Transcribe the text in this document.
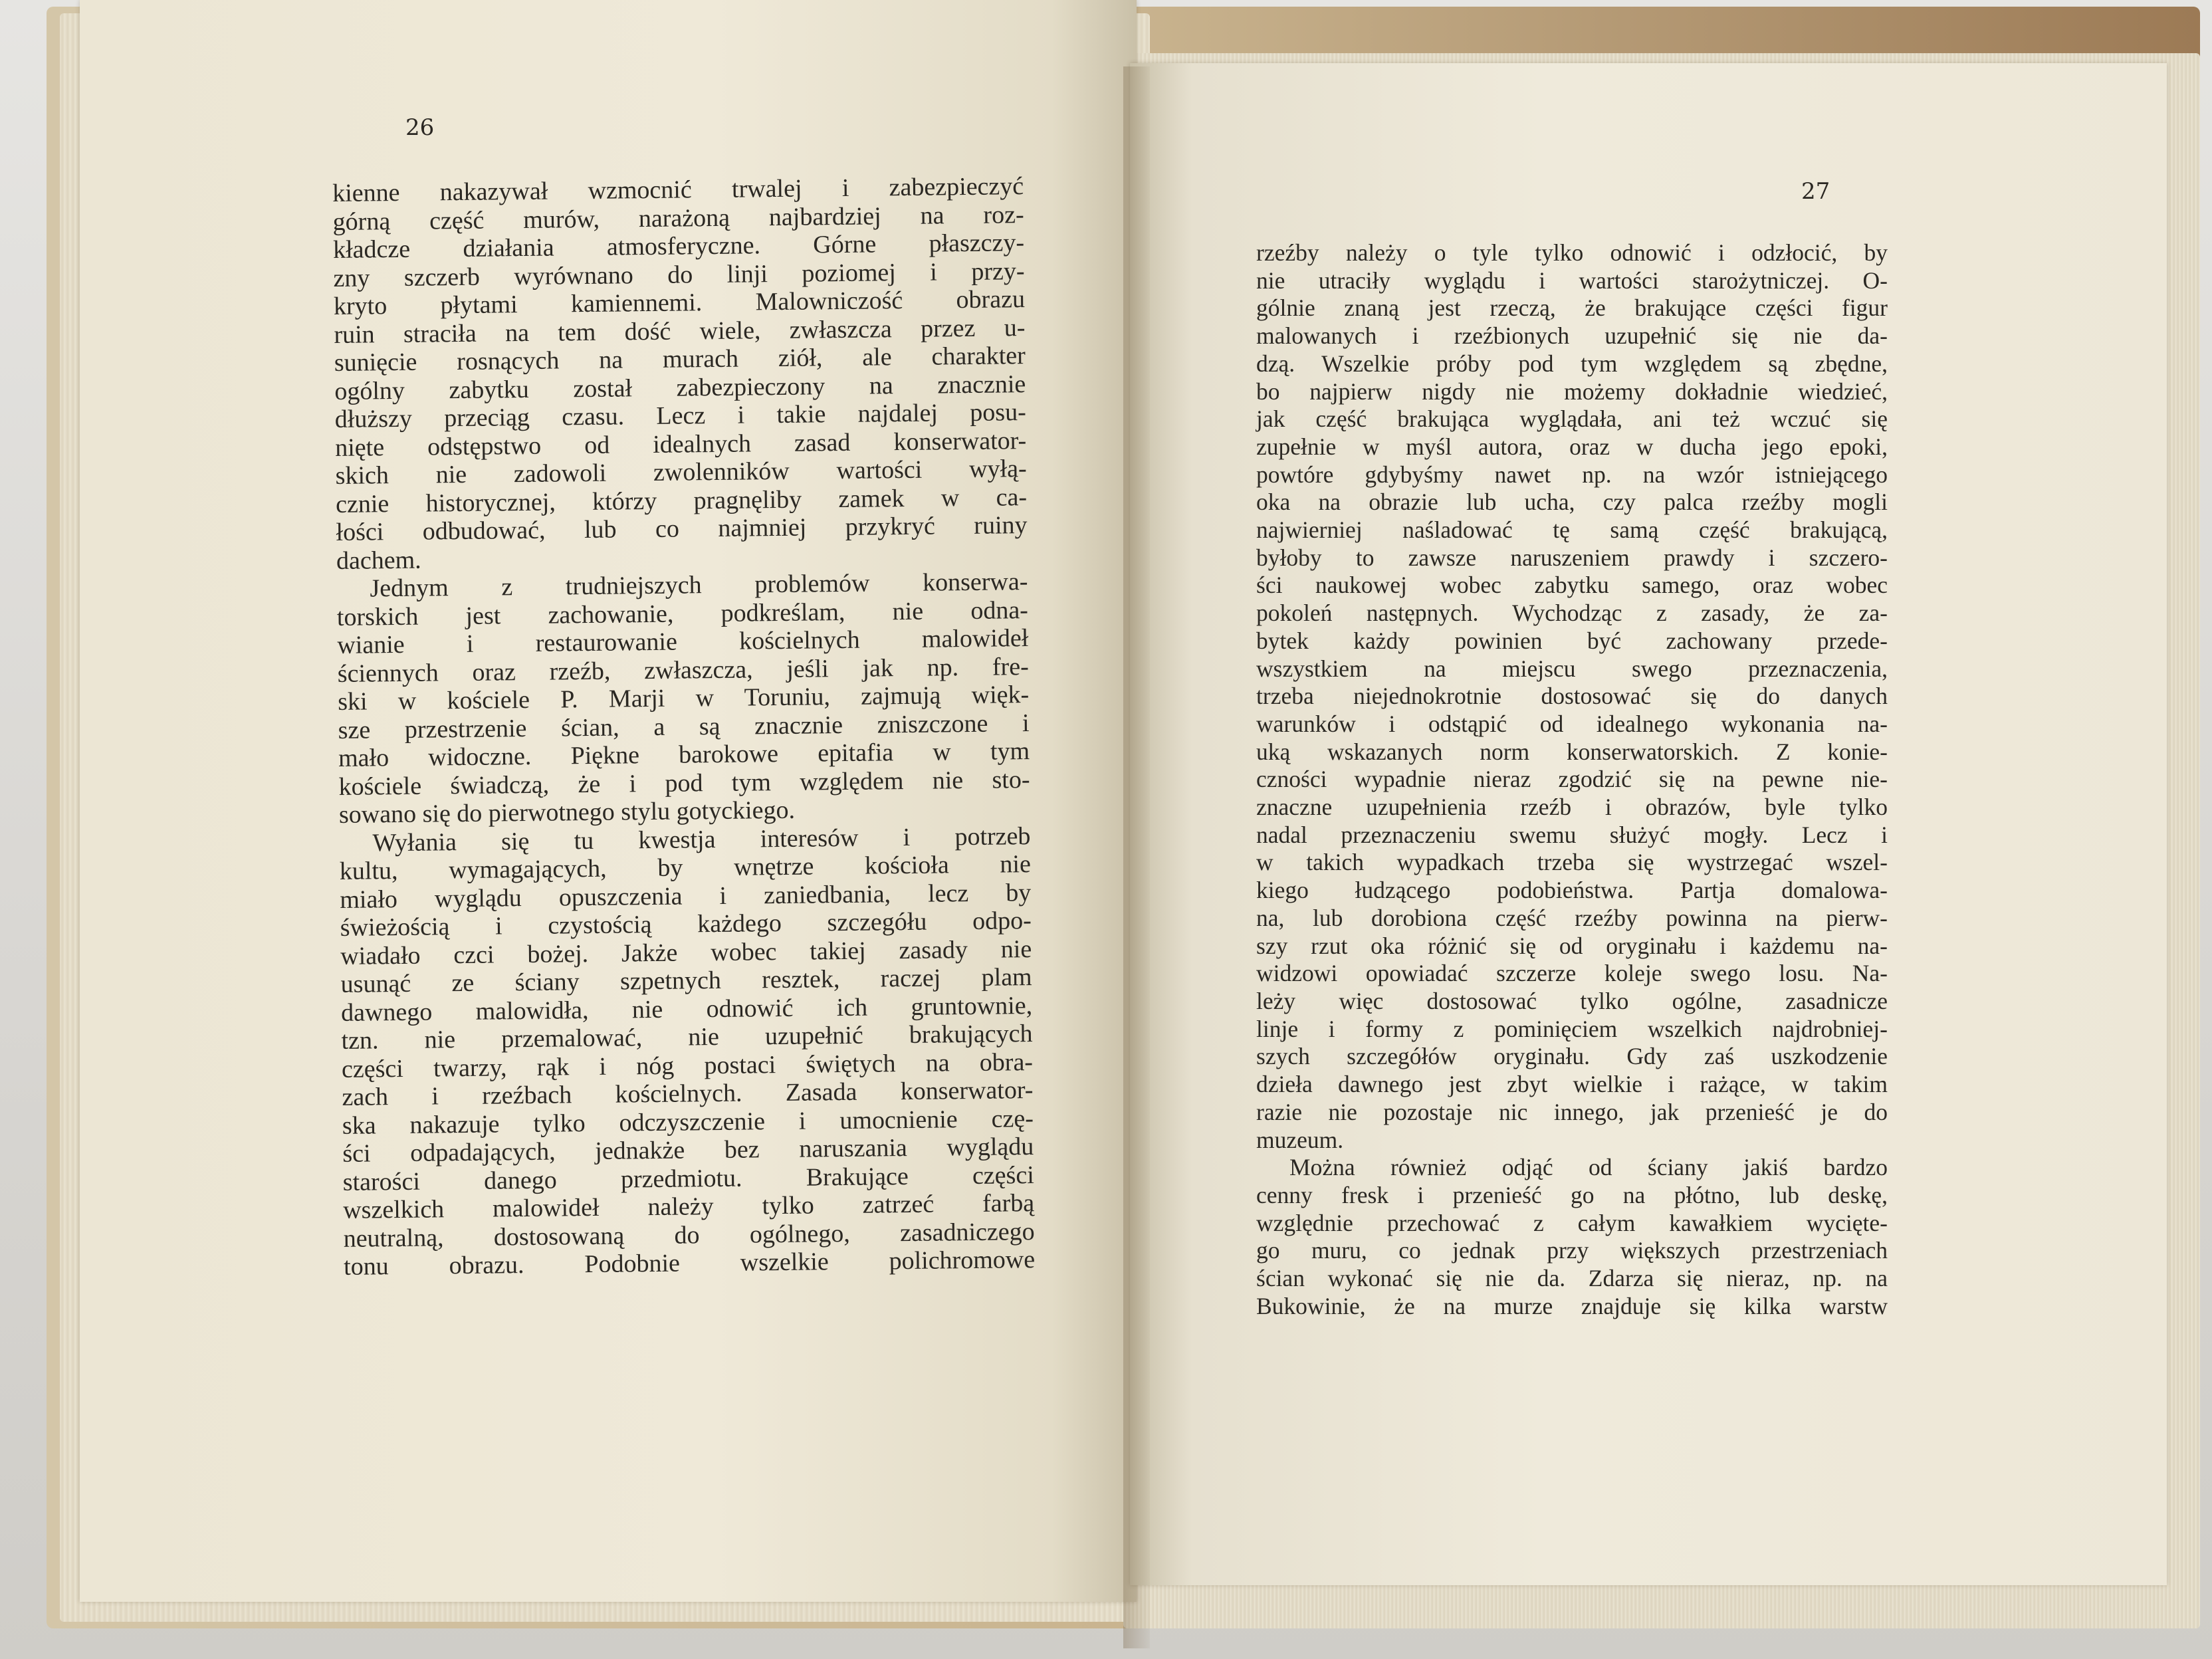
26
27
kienne nakazywał wzmocnić trwalej i zabezpieczyć
górną część murów, narażoną najbardziej na roz-
kładcze działania atmosferyczne. Górne płaszczy-
zny szczerb wyrównano do linji poziomej i przy-
kryto płytami kamiennemi. Malowniczość obrazu
ruin straciła na tem dość wiele, zwłaszcza przez u-
sunięcie rosnących na murach ziół, ale charakter
ogólny zabytku został zabezpieczony na znacznie
dłuższy przeciąg czasu. Lecz i takie najdalej posu-
nięte odstępstwo od idealnych zasad konserwator-
skich nie zadowoli zwolenników wartości wyłą-
cznie historycznej, którzy pragnęliby zamek w ca-
łości odbudować, lub co najmniej przykryć ruiny
dachem.
Jednym z trudniejszych problemów konserwa-
torskich jest zachowanie, podkreślam, nie odna-
wianie i restaurowanie kościelnych malowideł
ściennych oraz rzeźb, zwłaszcza, jeśli jak np. fre-
ski w kościele P. Marji w Toruniu, zajmują więk-
sze przestrzenie ścian, a są znacznie zniszczone i
mało widoczne. Piękne barokowe epitafia w tym
kościele świadczą, że i pod tym względem nie sto-
sowano się do pierwotnego stylu gotyckiego.
Wyłania się tu kwestja interesów i potrzeb
kultu, wymagających, by wnętrze kościoła nie
miało wyglądu opuszczenia i zaniedbania, lecz by
świeżością i czystością każdego szczegółu odpo-
wiadało czci bożej. Jakże wobec takiej zasady nie
usunąć ze ściany szpetnych resztek, raczej plam
dawnego malowidła, nie odnowić ich gruntownie,
tzn. nie przemalować, nie uzupełnić brakujących
części twarzy, rąk i nóg postaci świętych na obra-
zach i rzeźbach kościelnych. Zasada konserwator-
ska nakazuje tylko odczyszczenie i umocnienie czę-
ści odpadających, jednakże bez naruszania wyglądu
starości danego przedmiotu. Brakujące części
wszelkich malowideł należy tylko zatrzeć farbą
neutralną, dostosowaną do ogólnego, zasadniczego
tonu obrazu. Podobnie wszelkie polichromowe
rzeźby należy o tyle tylko odnowić i odzłocić, by
nie utraciły wyglądu i wartości starożytniczej. O-
gólnie znaną jest rzeczą, że brakujące części figur
malowanych i rzeźbionych uzupełnić się nie da-
dzą. Wszelkie próby pod tym względem są zbędne,
bo najpierw nigdy nie możemy dokładnie wiedzieć,
jak część brakująca wyglądała, ani też wczuć się
zupełnie w myśl autora, oraz w ducha jego epoki,
powtóre gdybyśmy nawet np. na wzór istniejącego
oka na obrazie lub ucha, czy palca rzeźby mogli
najwierniej naśladować tę samą część brakującą,
byłoby to zawsze naruszeniem prawdy i szczero-
ści naukowej wobec zabytku samego, oraz wobec
pokoleń następnych. Wychodząc z zasady, że za-
bytek każdy powinien być zachowany przede-
wszystkiem na miejscu swego przeznaczenia,
trzeba niejednokrotnie dostosować się do danych
warunków i odstąpić od idealnego wykonania na-
uką wskazanych norm konserwatorskich. Z konie-
czności wypadnie nieraz zgodzić się na pewne nie-
znaczne uzupełnienia rzeźb i obrazów, byle tylko
nadal przeznaczeniu swemu służyć mogły. Lecz i
w takich wypadkach trzeba się wystrzegać wszel-
kiego łudzącego podobieństwa. Partja domalowa-
na, lub dorobiona część rzeźby powinna na pierw-
szy rzut oka różnić się od oryginału i każdemu na-
widzowi opowiadać szczerze koleje swego losu. Na-
leży więc dostosować tylko ogólne, zasadnicze
linje i formy z pominięciem wszelkich najdrobniej-
szych szczegółów oryginału. Gdy zaś uszkodzenie
dzieła dawnego jest zbyt wielkie i rażące, w takim
razie nie pozostaje nic innego, jak przenieść je do
muzeum.
Można również odjąć od ściany jakiś bardzo
cenny fresk i przenieść go na płótno, lub deskę,
względnie przechować z całym kawałkiem wycięte-
go muru, co jednak przy większych przestrzeniach
ścian wykonać się nie da. Zdarza się nieraz, np. na
Bukowinie, że na murze znajduje się kilka warstw
